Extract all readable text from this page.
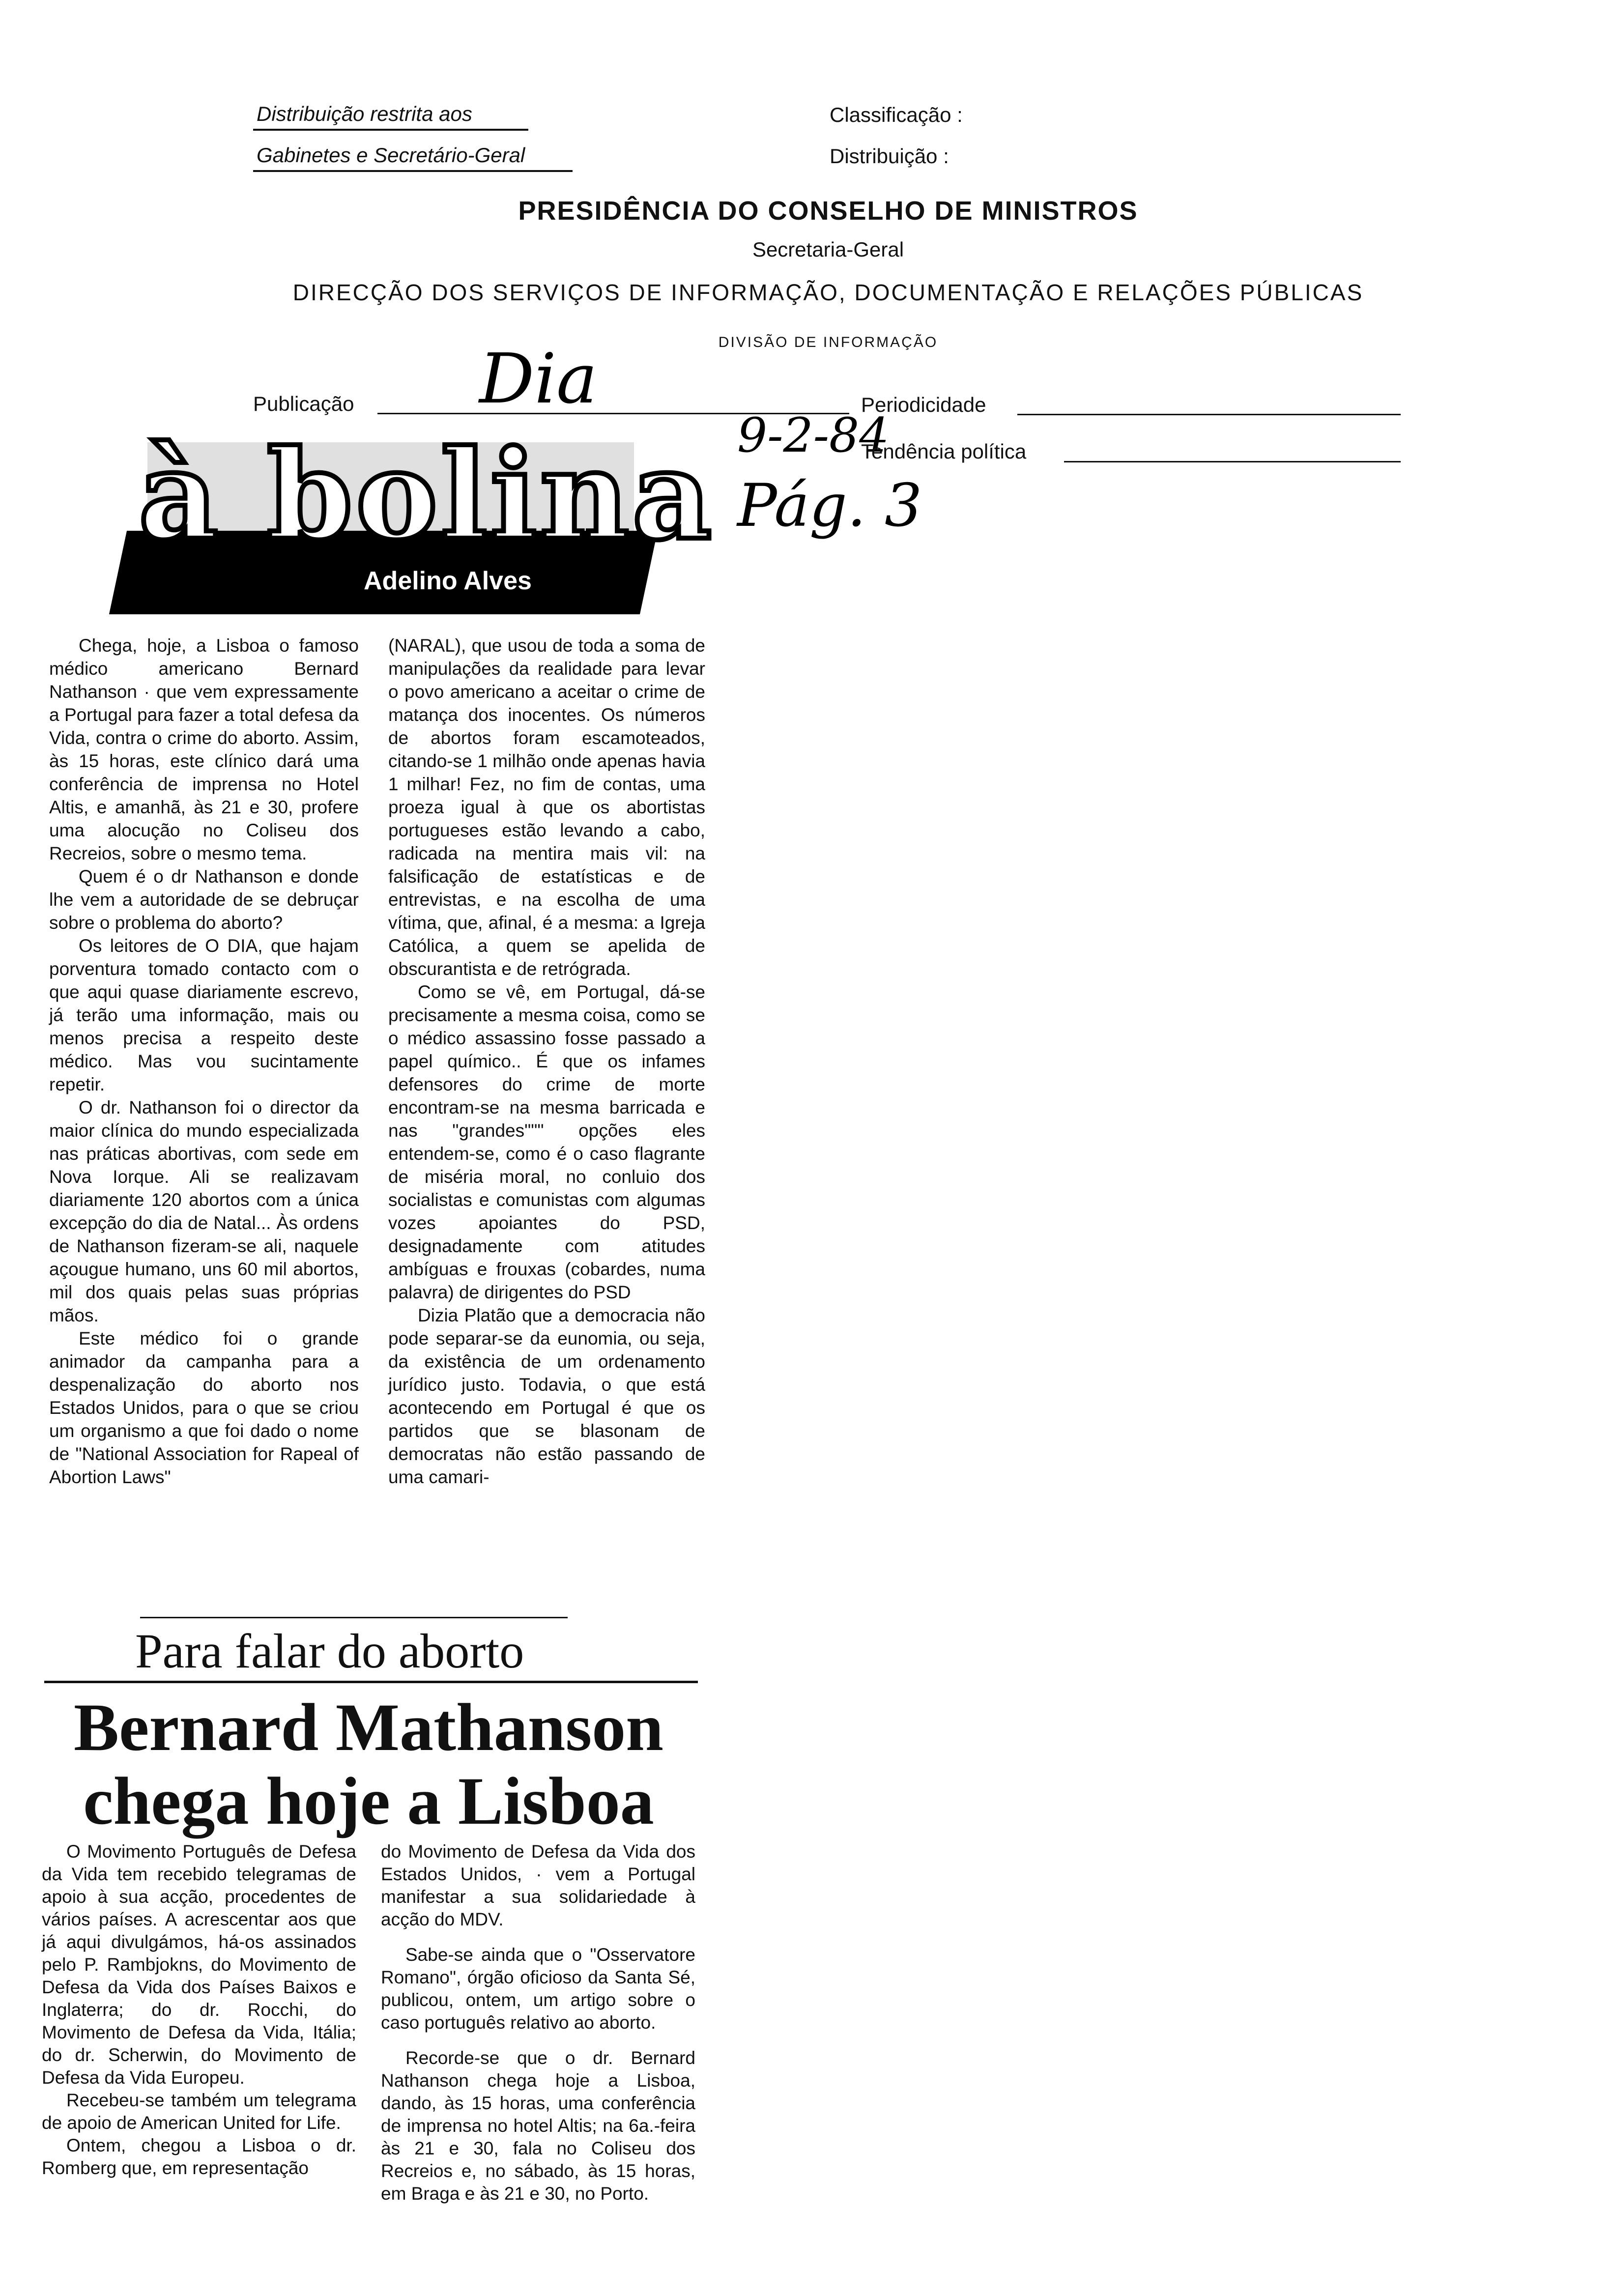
Distribuição restrita aos
Gabinetes e Secretário-Geral
Classificação :
Distribuição :
PRESIDÊNCIA DO CONSELHO DE MINISTROS
Secretaria-Geral
DIRECÇÃO DOS SERVIÇOS DE INFORMAÇÃO, DOCUMENTAÇÃO E RELAÇÕES PÚBLICAS
DIVISÃO DE INFORMAÇÃO
Publicação Dia	Periodicidade
9-2-84
Tendência política
Pág. 3
à bolina
Adelino Alves

Chega, hoje, a Lisboa o famoso médico americano Bernard Nathanson · que vem expressamente a Portugal para fazer a total defesa da Vida, contra o crime do aborto. Assim, às 15 horas, este clínico dará uma conferência de imprensa no Hotel Altis, e amanhã, às 21 e 30, profere uma alocução no Coliseu dos Recreios, sobre o mesmo tema.

Quem é o dr Nathanson e donde lhe vem a autoridade de se debruçar sobre o problema do aborto?

Os leitores de O DIA, que hajam porventura tomado contacto com o que aqui quase diariamente escrevo, já terão uma informação, mais ou menos precisa a respeito deste médico. Mas vou sucintamente repetir.

O dr. Nathanson foi o director da maior clínica do mundo especializada nas práticas abortivas, com sede em Nova Iorque. Ali se realizavam diariamente 120 abortos com a única excepção do dia de Natal... Às ordens de Nathanson fizeram-se ali, naquele açougue humano, uns 60 mil abortos, mil dos quais pelas suas próprias mãos.

Este médico foi o grande animador da campanha para a despenalização do aborto nos Estados Unidos, para o que se criou um organismo a que foi dado o nome de "National Association for Rapeal of Abortion Laws"

(NARAL), que usou de toda a soma de manipulações da realidade para levar o povo americano a aceitar o crime de matança dos inocentes. Os números de abortos foram escamoteados, citando-se 1 milhão onde apenas havia 1 milhar! Fez, no fim de contas, uma proeza igual à que os abortistas portugueses estão levando a cabo, radicada na mentira mais vil: na falsificação de estatísticas e de entrevistas, e na escolha de uma vítima, que, afinal, é a mesma: a Igreja Católica, a quem se apelida de obscurantista e de retrógrada.

Como se vê, em Portugal, dá-se precisamente a mesma coisa, como se o médico assassino fosse passado a papel químico.. É que os infames defensores do crime de morte encontram-se na mesma barricada e nas "grandes""" opções eles entendem-se, como é o caso flagrante de miséria moral, no conluio dos socialistas e comunistas com algumas vozes apoiantes do PSD, designadamente com atitudes ambíguas e frouxas (cobardes, numa palavra) de dirigentes do PSD

Dizia Platão que a democracia não pode separar-se da eunomia, ou seja, da existência de um ordenamento jurídico justo. Todavia, o que está acontecendo em Portugal é que os partidos que se blasonam de democratas não estão passando de uma camari-

Para falar do aborto
Bernard Mathanson
chega hoje a Lisboa

O Movimento Português de Defesa da Vida tem recebido telegramas de apoio à sua acção, procedentes de vários países. A acrescentar aos que já aqui divulgámos, há-os assinados pelo P. Rambjokns, do Movimento de Defesa da Vida dos Países Baixos e Inglaterra; do dr. Rocchi, do Movimento de Defesa da Vida, Itália; do dr. Scherwin, do Movimento de Defesa da Vida Europeu.

Recebeu-se também um telegrama de apoio de American United for Life.

Ontem, chegou a Lisboa o dr. Romberg que, em representação

do Movimento de Defesa da Vida dos Estados Unidos, · vem a Portugal manifestar a sua solidariedade à acção do MDV.

Sabe-se ainda que o "Osservatore Romano", órgão oficioso da Santa Sé, publicou, ontem, um artigo sobre o caso português relativo ao aborto.

Recorde-se que o dr. Bernard Nathanson chega hoje a Lisboa, dando, às 15 horas, uma conferência de imprensa no hotel Altis; na 6a.-feira às 21 e 30, fala no Coliseu dos Recreios e, no sábado, às 15 horas, em Braga e às 21 e 30, no Porto.
